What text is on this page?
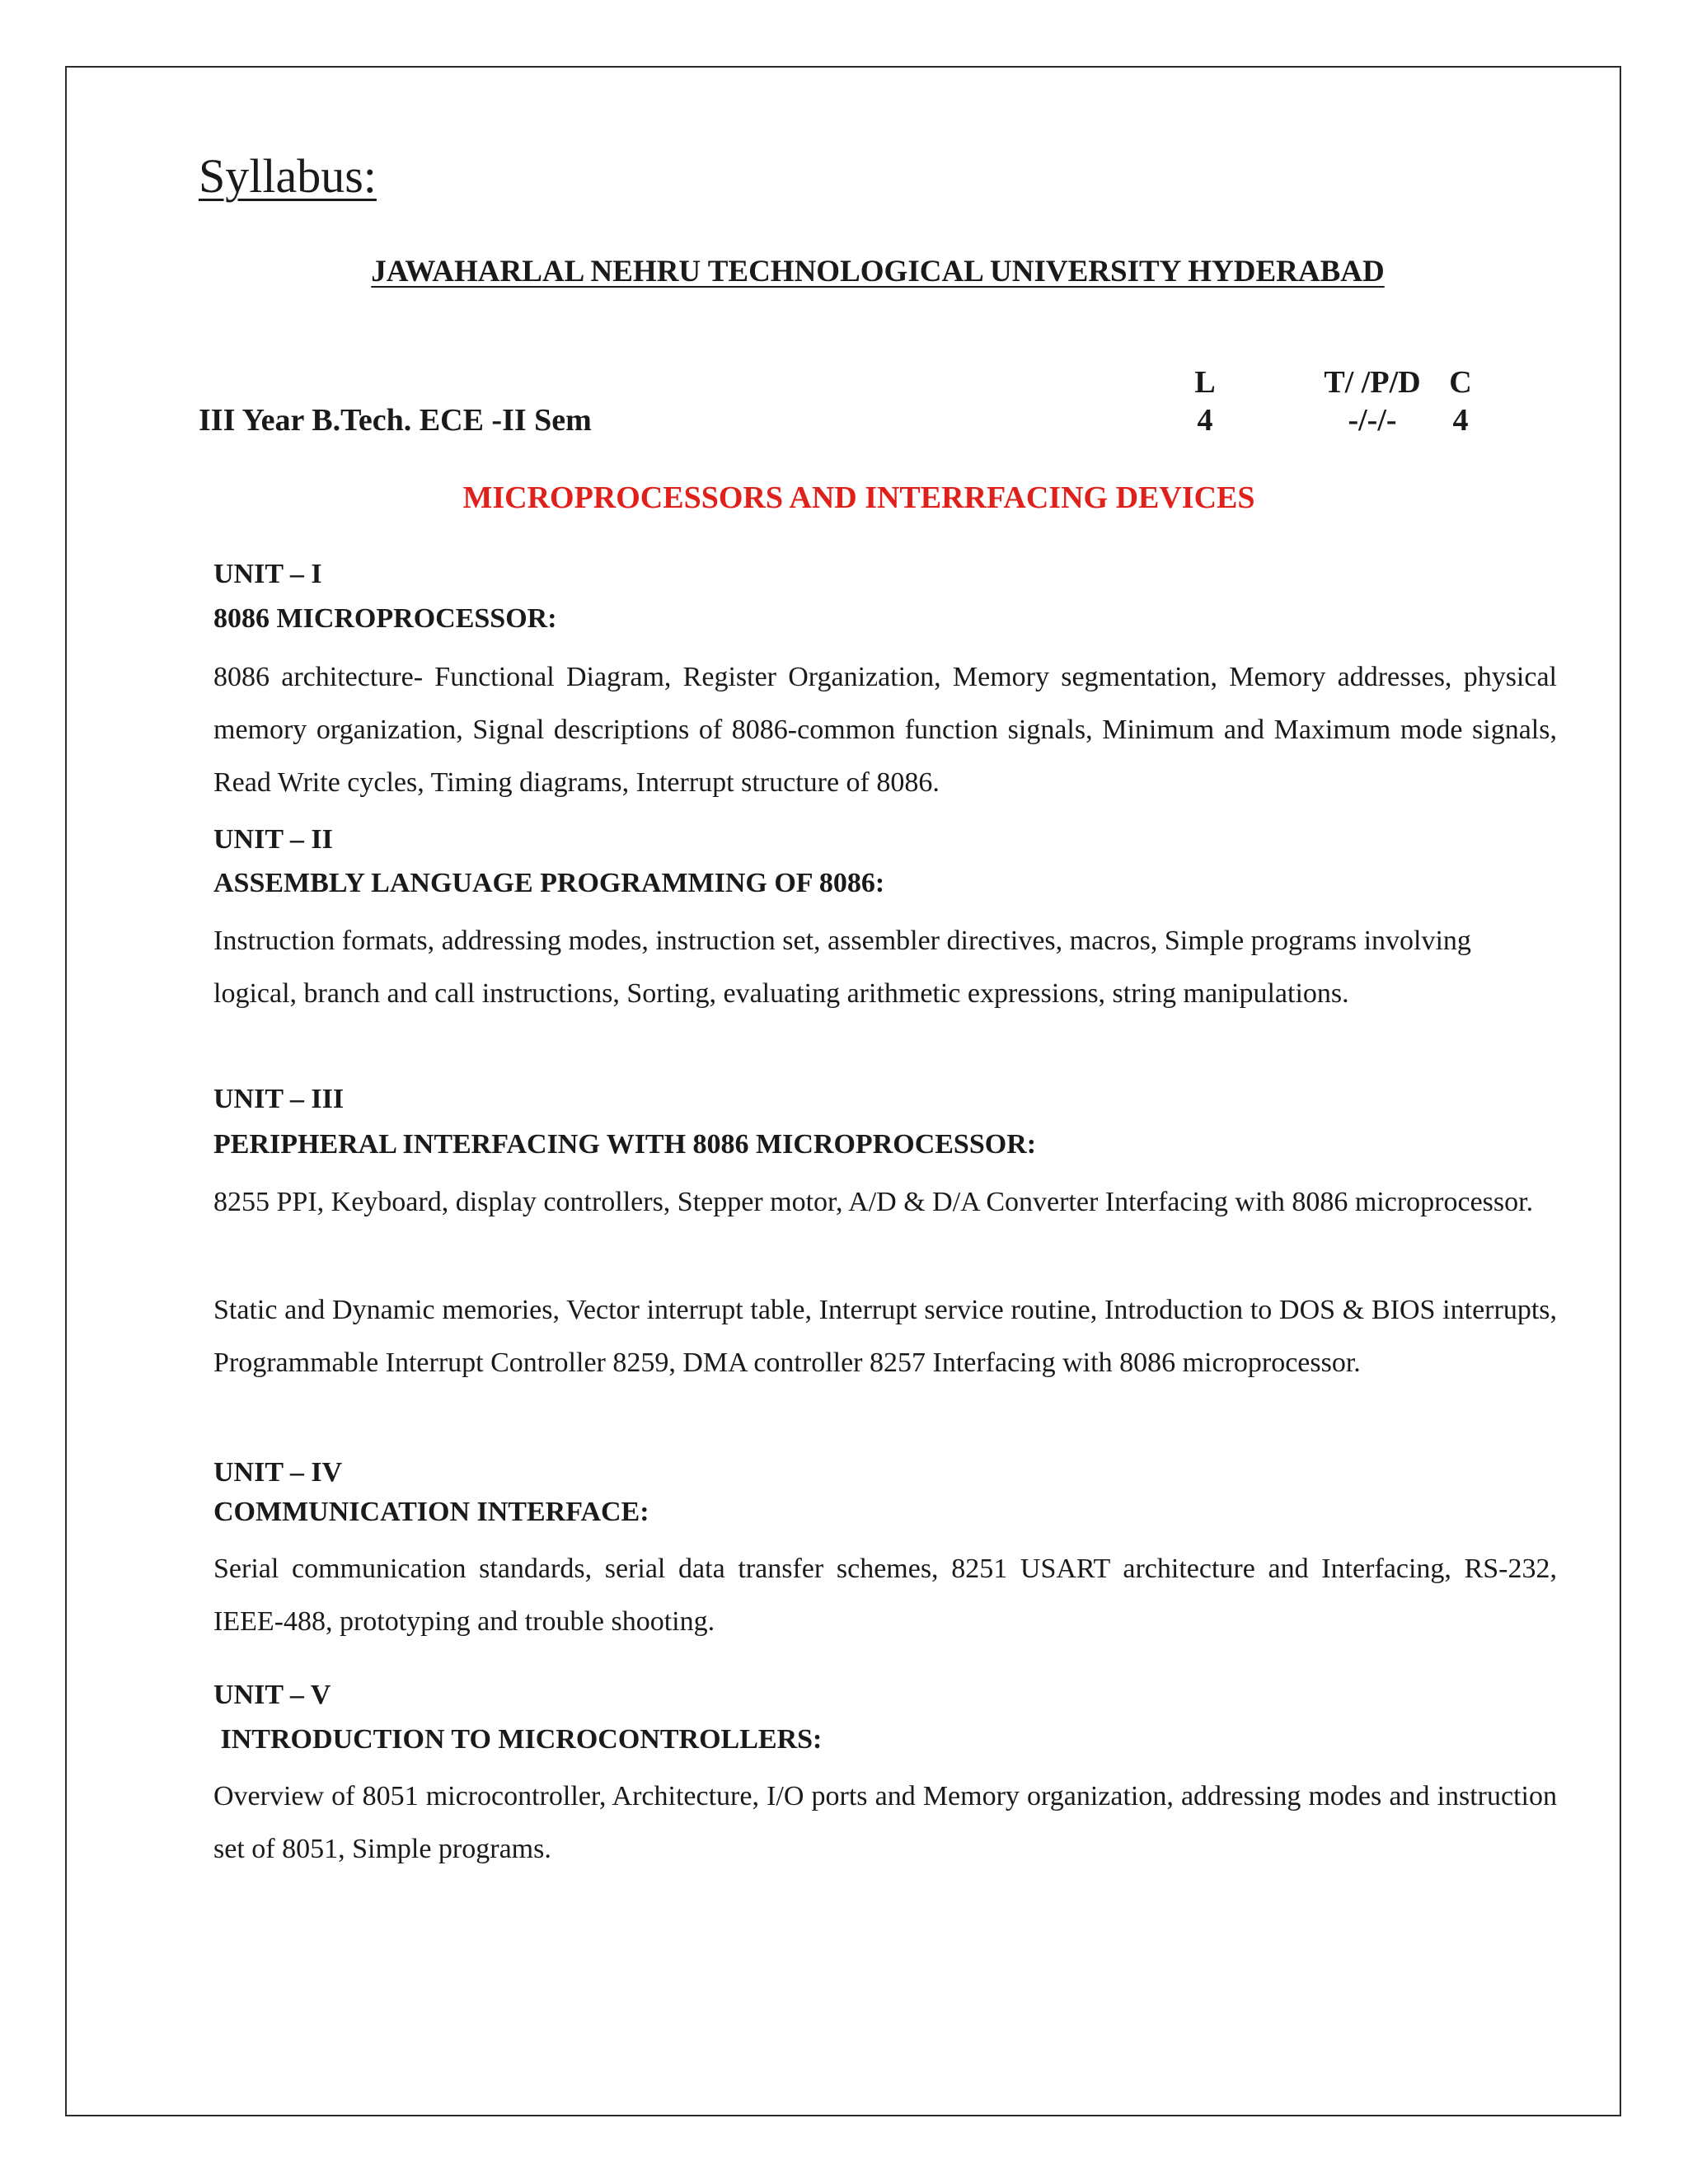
Syllabus:
JAWAHARLAL NEHRU TECHNOLOGICAL UNIVERSITY HYDERABAD
L
4
T/ /P/D
-/-/-
C
4
III Year B.Tech. ECE -II Sem
MICROPROCESSORS AND INTERRFACING DEVICES
UNIT – I
8086 MICROPROCESSOR:
8086 architecture- Functional Diagram, Register Organization, Memory segmentation, Memory addresses, physical memory organization, Signal descriptions of 8086-common function signals, Minimum and Maximum mode signals, Read Write cycles, Timing diagrams, Interrupt structure of 8086.
UNIT – II
ASSEMBLY LANGUAGE PROGRAMMING OF 8086:
Instruction formats, addressing modes, instruction set, assembler directives, macros, Simple programs involving logical, branch and call instructions, Sorting, evaluating arithmetic expressions, string manipulations.
UNIT – III
PERIPHERAL INTERFACING WITH 8086 MICROPROCESSOR:
8255 PPI, Keyboard, display controllers, Stepper motor, A/D & D/A Converter Interfacing with 8086 microprocessor.
Static and Dynamic memories, Vector interrupt table, Interrupt service routine, Introduction to DOS & BIOS interrupts, Programmable Interrupt Controller 8259, DMA controller 8257 Interfacing with 8086 microprocessor.
UNIT – IV
COMMUNICATION INTERFACE:
Serial communication standards, serial data transfer schemes, 8251 USART architecture and Interfacing, RS-232, IEEE-488, prototyping and trouble shooting.
UNIT – V
INTRODUCTION TO MICROCONTROLLERS:
Overview of 8051 microcontroller, Architecture, I/O ports and Memory organization, addressing modes and instruction set of 8051, Simple programs.
